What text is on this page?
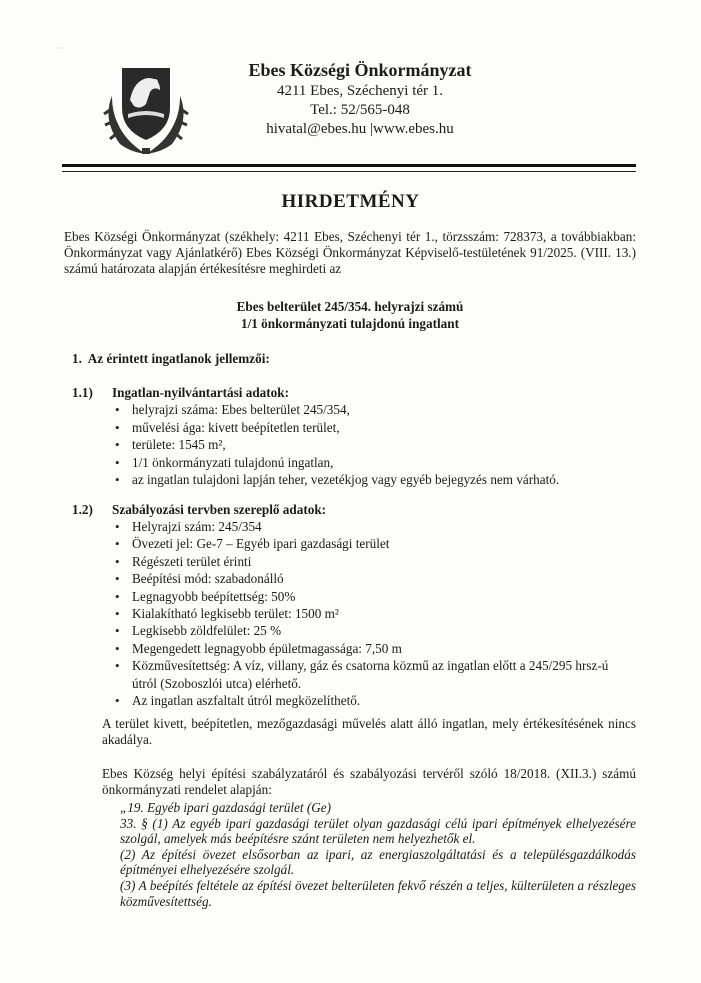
· ·
Ebes Községi Önkormányzat
4211 Ebes, Széchenyi tér 1.
Tel.: 52/565-048
hivatal@ebes.hu |www.ebes.hu
HIRDETMÉNY
Ebes Községi Önkormányzat (székhely: 4211 Ebes, Széchenyi tér 1., törzsszám: 728373, a továbbiakban: Önkormányzat vagy Ajánlatkérő) Ebes Községi Önkormányzat Képviselő-testületének 91/2025. (VIII. 13.) számú határozata alapján értékesítésre meghirdeti az
Ebes belterület 245/354. helyrajzi számú
1/1 önkormányzati tulajdonú ingatlant
1. Az érintett ingatlanok jellemzői:
1.1) Ingatlan-nyilvántartási adatok:
• helyrajzi száma: Ebes belterület 245/354,
• művelési ága: kivett beépítetlen terület,
• területe: 1545 m²,
• 1/1 önkormányzati tulajdonú ingatlan,
• az ingatlan tulajdoni lapján teher, vezetékjog vagy egyéb bejegyzés nem várható.
1.2) Szabályozási tervben szereplő adatok:
• Helyrajzi szám: 245/354
• Övezeti jel: Ge-7 – Egyéb ipari gazdasági terület
• Régészeti terület érinti
• Beépítési mód: szabadonálló
• Legnagyobb beépítettség: 50%
• Kialakítható legkisebb terület: 1500 m²
• Legkisebb zöldfelület: 25 %
• Megengedett legnagyobb épületmagassága: 7,50 m
• Közművesítettség: A víz, villany, gáz és csatorna közmű az ingatlan előtt a 245/295 hrsz-ú útról (Szoboszlói utca) elérhető.
• Az ingatlan aszfaltalt útról megközelíthető.
A terület kivett, beépítetlen, mezőgazdasági művelés alatt álló ingatlan, mely értékesítésének nincs akadálya.
Ebes Község helyi építési szabályzatáról és szabályozási tervéről szóló 18/2018. (XII.3.) számú önkormányzati rendelet alapján:
„19. Egyéb ipari gazdasági terület (Ge)
33. § (1) Az egyéb ipari gazdasági terület olyan gazdasági célú ipari építmények elhelyezésére szolgál, amelyek más beépítésre szánt területen nem helyezhetők el.
(2) Az építési övezet elsősorban az ipari, az energiaszolgáltatási és a településgazdálkodás építményei elhelyezésére szolgál.
(3) A beépítés feltétele az építési övezet belterületen fekvő részén a teljes, külterületen a részleges közművesítettség.
